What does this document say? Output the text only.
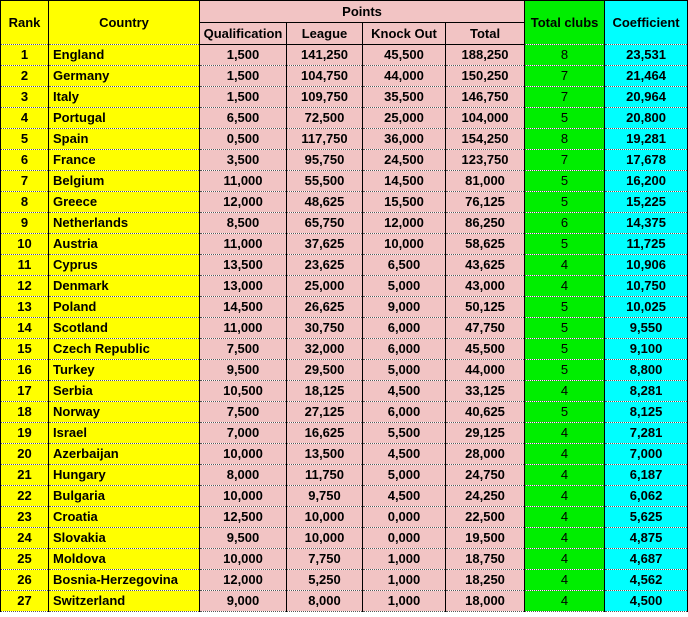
Rank	Country	Points				Total clubs	Coefficient
		Qualification	League	Knock Out	Total		
1	England	1,500	141,250	45,500	188,250	8	23,531
2	Germany	1,500	104,750	44,000	150,250	7	21,464
3	Italy	1,500	109,750	35,500	146,750	7	20,964
4	Portugal	6,500	72,500	25,000	104,000	5	20,800
5	Spain	0,500	117,750	36,000	154,250	8	19,281
6	France	3,500	95,750	24,500	123,750	7	17,678
7	Belgium	11,000	55,500	14,500	81,000	5	16,200
8	Greece	12,000	48,625	15,500	76,125	5	15,225
9	Netherlands	8,500	65,750	12,000	86,250	6	14,375
10	Austria	11,000	37,625	10,000	58,625	5	11,725
11	Cyprus	13,500	23,625	6,500	43,625	4	10,906
12	Denmark	13,000	25,000	5,000	43,000	4	10,750
13	Poland	14,500	26,625	9,000	50,125	5	10,025
14	Scotland	11,000	30,750	6,000	47,750	5	9,550
15	Czech Republic	7,500	32,000	6,000	45,500	5	9,100
16	Turkey	9,500	29,500	5,000	44,000	5	8,800
17	Serbia	10,500	18,125	4,500	33,125	4	8,281
18	Norway	7,500	27,125	6,000	40,625	5	8,125
19	Israel	7,000	16,625	5,500	29,125	4	7,281
20	Azerbaijan	10,000	13,500	4,500	28,000	4	7,000
21	Hungary	8,000	11,750	5,000	24,750	4	6,187
22	Bulgaria	10,000	9,750	4,500	24,250	4	6,062
23	Croatia	12,500	10,000	0,000	22,500	4	5,625
24	Slovakia	9,500	10,000	0,000	19,500	4	4,875
25	Moldova	10,000	7,750	1,000	18,750	4	4,687
26	Bosnia-Herzegovina	12,000	5,250	1,000	18,250	4	4,562
27	Switzerland	9,000	8,000	1,000	18,000	4	4,500
